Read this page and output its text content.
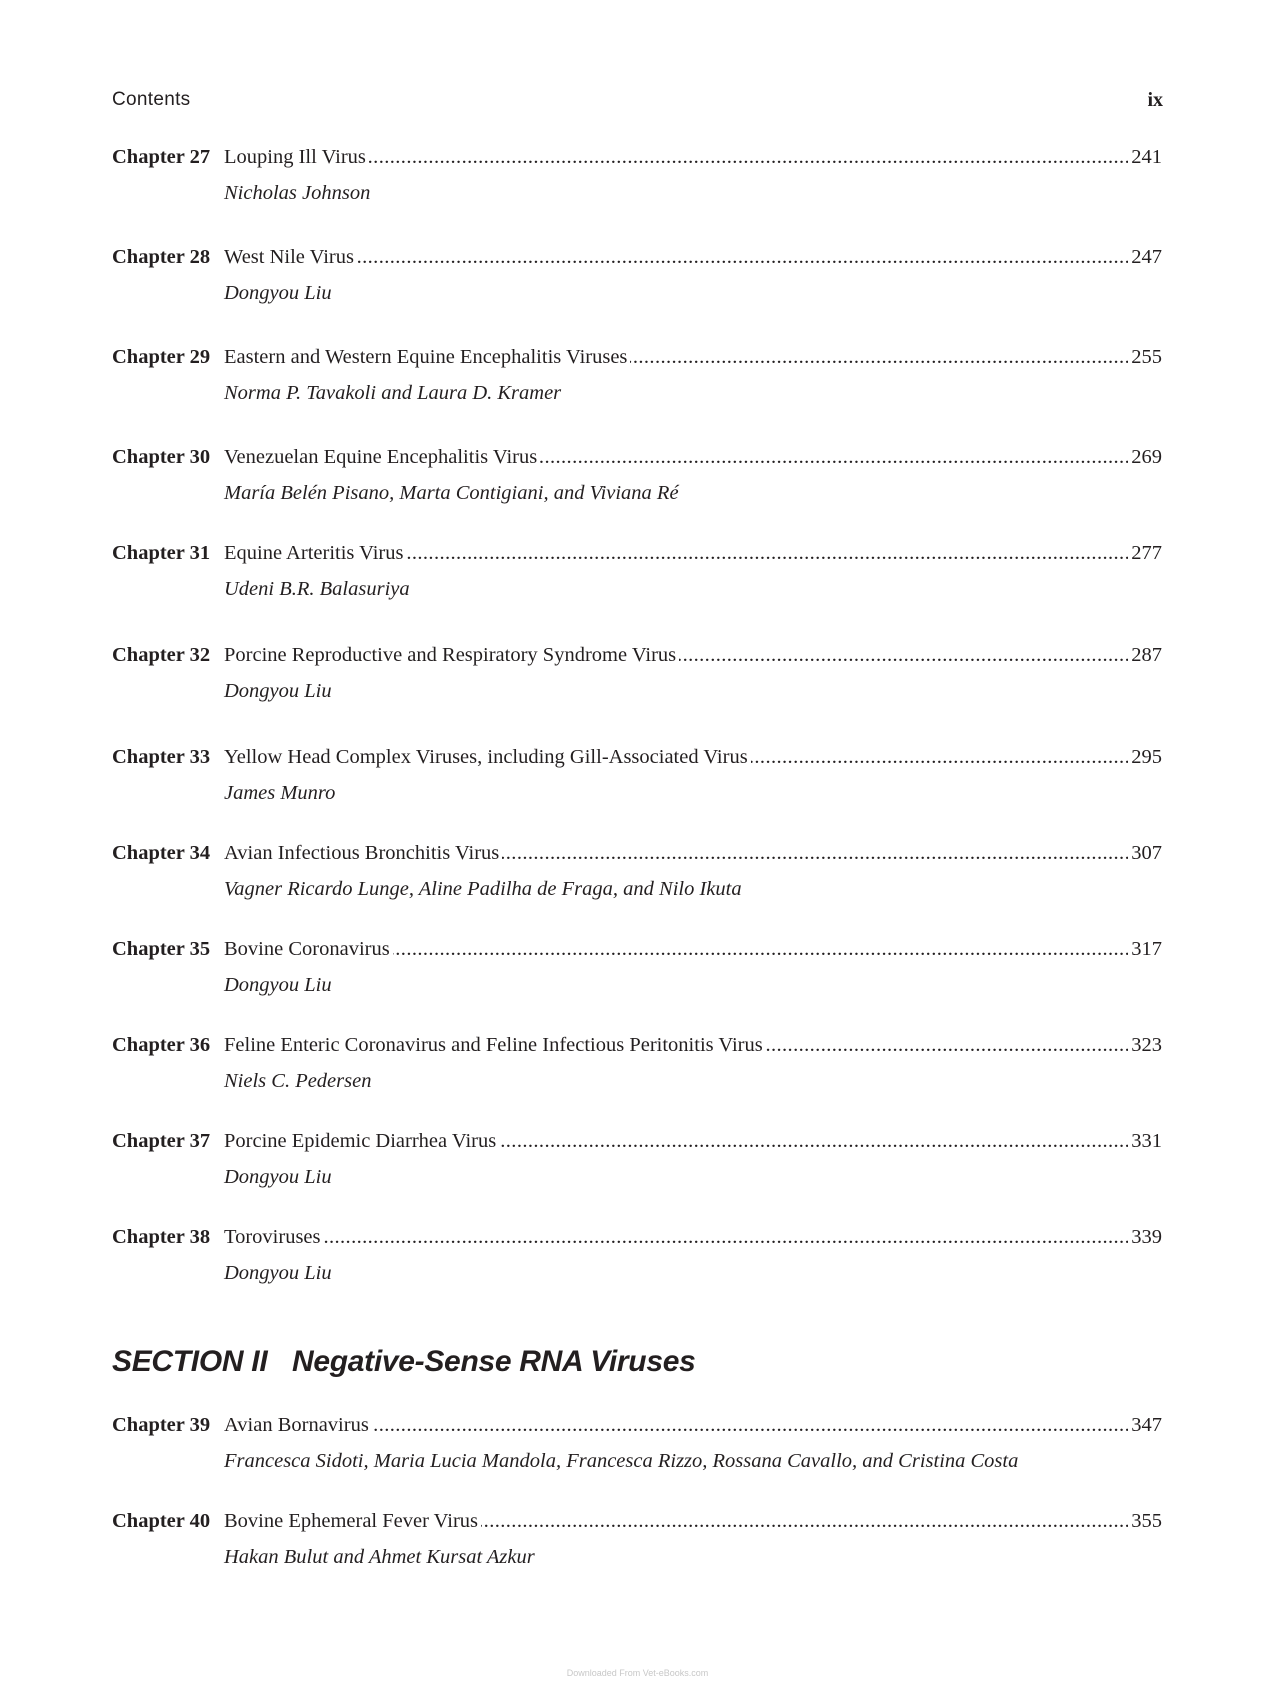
Contents	ix
Chapter 27 ..... Louping Ill Virus	241
Nicholas Johnson
Chapter 28 ..... West Nile Virus	247
Dongyou Liu
Chapter 29 ..... Eastern and Western Equine Encephalitis Viruses	255
Norma P. Tavakoli and Laura D. Kramer
Chapter 30 ..... Venezuelan Equine Encephalitis Virus	269
María Belén Pisano, Marta Contigiani, and Viviana Ré
Chapter 31 ..... Equine Arteritis Virus	277
Udeni B.R. Balasuriya
Chapter 32 ..... Porcine Reproductive and Respiratory Syndrome Virus	287
Dongyou Liu
Chapter 33 ..... Yellow Head Complex Viruses, including Gill-Associated Virus	295
James Munro
Chapter 34 ..... Avian Infectious Bronchitis Virus	307
Vagner Ricardo Lunge, Aline Padilha de Fraga, and Nilo Ikuta
Chapter 35 ..... Bovine Coronavirus	317
Dongyou Liu
Chapter 36 ..... Feline Enteric Coronavirus and Feline Infectious Peritonitis Virus	323
Niels C. Pedersen
Chapter 37 ..... Porcine Epidemic Diarrhea Virus	331
Dongyou Liu
Chapter 38 ..... Toroviruses	339
Dongyou Liu
SECTION II Negative-Sense RNA Viruses
Chapter 39 ..... Avian Bornavirus	347
Francesca Sidoti, Maria Lucia Mandola, Francesca Rizzo, Rossana Cavallo, and Cristina Costa
Chapter 40 ..... Bovine Ephemeral Fever Virus	355
Hakan Bulut and Ahmet Kursat Azkur
Downloaded From Vet-eBooks.com
